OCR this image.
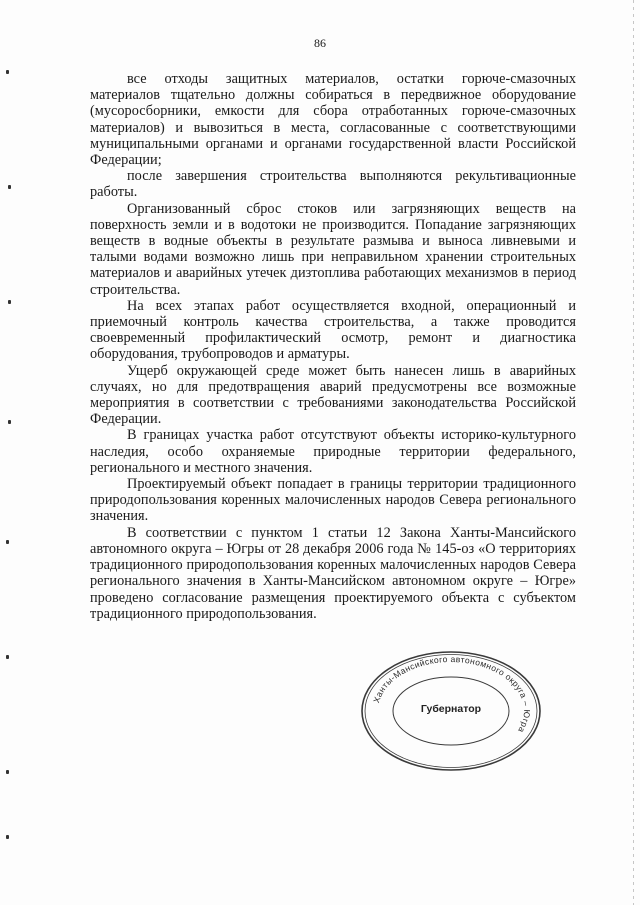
86

все отходы защитных материалов, остатки горюче-смазочных материалов тщательно должны собираться в передвижное оборудование (мусоросборники, емкости для сбора отработанных горюче-смазочных материалов) и вывозиться в места, согласованные с соответствующими муниципальными органами и органами государственной власти Российской Федерации;

после завершения строительства выполняются рекультивационные работы.

Организованный сброс стоков или загрязняющих веществ на поверхность земли и в водотоки не производится. Попадание загрязняющих веществ в водные объекты в результате размыва и выноса ливневыми и талыми водами возможно лишь при неправильном хранении строительных материалов и аварийных утечек дизтоплива работающих механизмов в период строительства.

На всех этапах работ осуществляется входной, операционный и приемочный контроль качества строительства, а также проводится своевременный профилактический осмотр, ремонт и диагностика оборудования, трубопроводов и арматуры.

Ущерб окружающей среде может быть нанесен лишь в аварийных случаях, но для предотвращения аварий предусмотрены все возможные мероприятия в соответствии с требованиями законодательства Российской Федерации.

В границах участка работ отсутствуют объекты историко-культурного наследия, особо охраняемые природные территории федерального, регионального и местного значения.

Проектируемый объект попадает в границы территории традиционного природопользования коренных малочисленных народов Севера регионального значения.

В соответствии с пунктом 1 статьи 12 Закона Ханты-Мансийского автономного округа – Югры от 28 декабря 2006 года № 145-оз «О территориях традиционного природопользования коренных малочисленных народов Севера регионального значения в Ханты-Мансийском автономном округе – Югре» проведено согласование размещения проектируемого объекта с субъектом традиционного природопользования.

Ханты-Мансийского автономного округа – Югра
Губернатор
